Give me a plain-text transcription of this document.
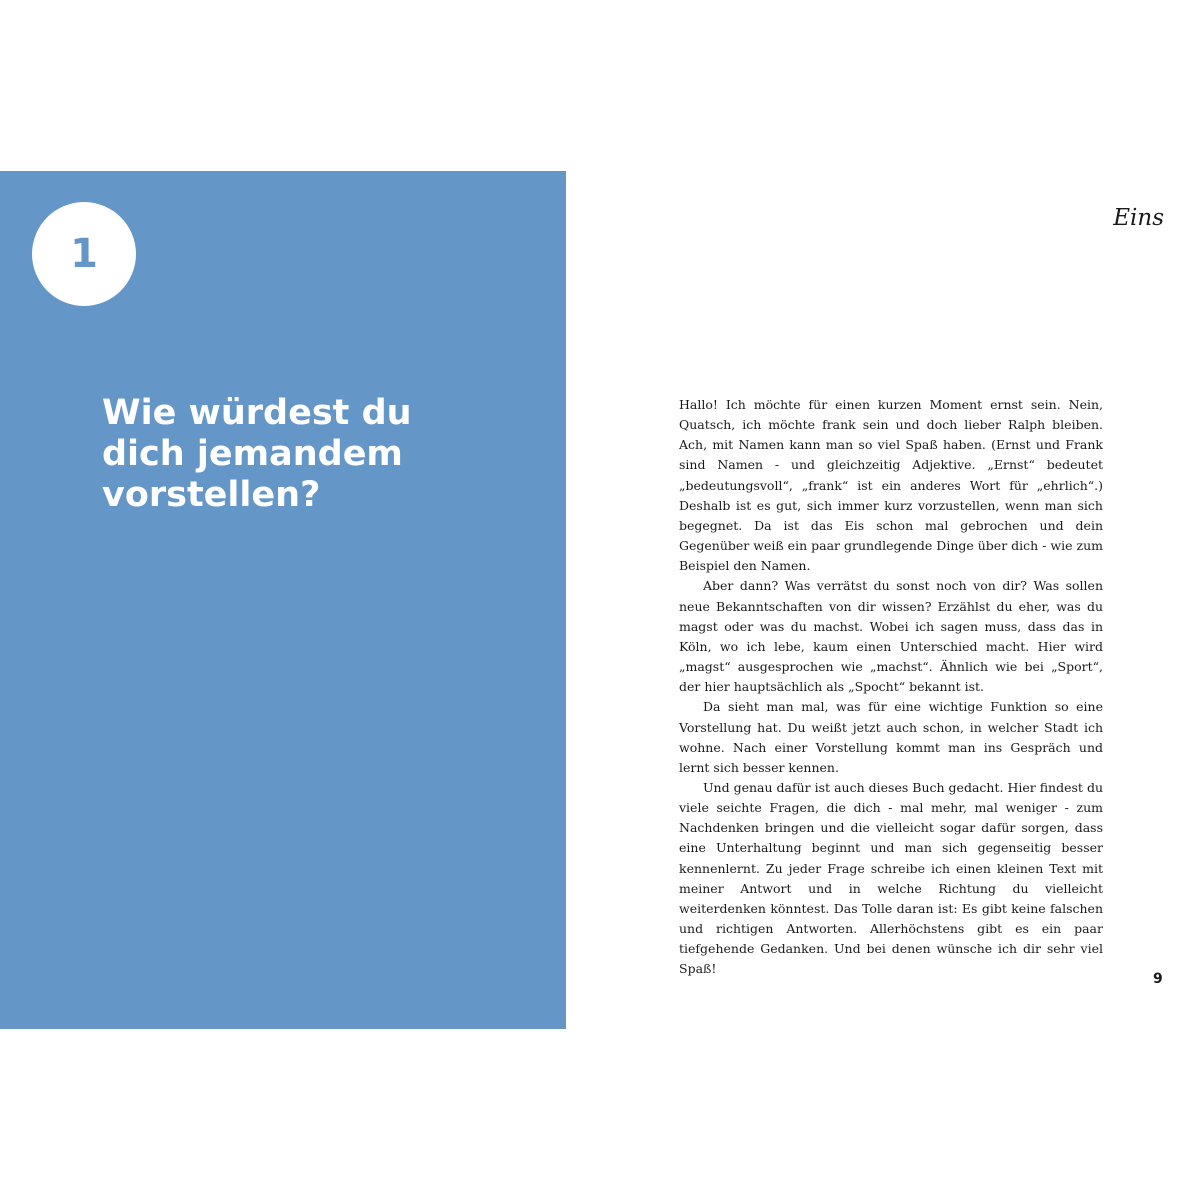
1
Wie würdest du
dich jemandem
vorstellen?

Eins

Hallo! Ich möchte für einen kurzen Moment ernst sein. Nein, Quatsch, ich möchte frank sein und doch lieber Ralph bleiben. Ach, mit Namen kann man so viel Spaß haben. (Ernst und Frank sind Namen - und gleichzeitig Adjektive. „Ernst“ bedeutet „bedeutungsvoll“, „frank“ ist ein anderes Wort für „ehrlich“.) Deshalb ist es gut, sich immer kurz vorzustellen, wenn man sich begegnet. Da ist das Eis schon mal gebrochen und dein Gegenüber weiß ein paar grundlegende Dinge über dich - wie zum Beispiel den Namen.

Aber dann? Was verrätst du sonst noch von dir? Was sollen neue Bekanntschaften von dir wissen? Erzählst du eher, was du magst oder was du machst. Wobei ich sagen muss, dass das in Köln, wo ich lebe, kaum einen Unterschied macht. Hier wird „magst“ ausgesprochen wie „machst“. Ähnlich wie bei „Sport“, der hier hauptsächlich als „Spocht“ bekannt ist.

Da sieht man mal, was für eine wichtige Funktion so eine Vorstellung hat. Du weißt jetzt auch schon, in welcher Stadt ich wohne. Nach einer Vorstellung kommt man ins Gespräch und lernt sich besser kennen.

Und genau dafür ist auch dieses Buch gedacht. Hier findest du viele seichte Fragen, die dich - mal mehr, mal weniger - zum Nachdenken bringen und die vielleicht sogar dafür sorgen, dass eine Unterhaltung beginnt und man sich gegenseitig besser kennenlernt. Zu jeder Frage schreibe ich einen kleinen Text mit meiner Antwort und in welche Richtung du vielleicht weiterdenken könntest. Das Tolle daran ist: Es gibt keine falschen und richtigen Antworten. Allerhöchstens gibt es ein paar tiefgehende Gedanken. Und bei denen wünsche ich dir sehr viel Spaß!

9
